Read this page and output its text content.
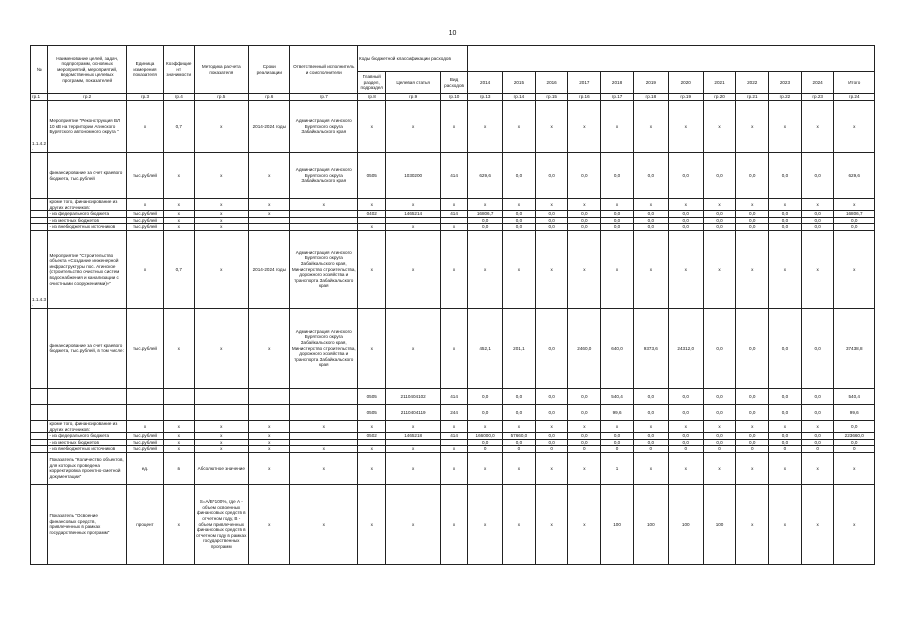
10
№	Наименование целей, задач, подпрограмм, основных мероприятий, мероприятий, ведомственных целевых программ, показателей	Единица измерения показателя	Коэффициент значимости	Методика расчета показателя	Сроки реализации	Ответственный исполнитель и соисполнители	Коды бюджетной классификации расходов														
							Главный раздел, подраздел	Целевая статья	Вид расходов	2014	2015	2016	2017	2018	2019	2020	2021	2022	2023	2024	Итого
гр.1	гр.2	гр.3	гр.4	гр.5	гр.6	гр.7	гр.8	гр.9	гр.10	гр.13	гр.14	гр.15	гр.16	гр.17	гр.18	гр.19	гр.20	гр.21	гр.22	гр.23	гр.24
1.1.4.2.	Мероприятие "Реконструкция ВЛ 10 кВ на территории Агинского Бурятского автономного округа "	х	0,7	х	2014-2024 годы	Администрация Агинского Бурятского округа Забайкальского края	х	х	х	х	х	х	х	х	х	х	х	х	х	х	х
	финансирование за счет краевого бюджета, тыс.рублей	тыс.рублей	х	х	х	Администрация Агинского Бурятского округа Забайкальского края	0505	1030200	414	629,6	0,0	0,0	0,0	0,0	0,0	0,0	0,0	0,0	0,0	0,0	629,6
	кроме того, финансирование из других источников:	х	х	х	х	х	х	х	х	х	х	х	х	х	х	х	х	х	х	х	х
	- из федерального бюджета	тыс.рублей	х	х	х		0402	1465214	414	16806,7	0,0	0,0	0,0	0,0	0,0	0,0	0,0	0,0	0,0	0,0	16806,7
	- из местных бюджетов	тыс.рублей	х	х						0,0	0,0	0,0	0,0	0,0	0,0	0,0	0,0	0,0	0,0	0,0	0,0
	- из внебюджетных источников	тыс.рублей	х	х			х	х	х	0,0	0,0	0,0	0,0	0,0	0,0	0,0	0,0	0,0	0,0	0,0	0,0
1.1.4.3.	Мероприятие "Строительство объекта «Создание инженерной инфраструктуры пос. Агинское (строительство очистных систем водоснабжения и канализации с очистными сооружениями)»"	х	0,7	х	2014-2024 годы	Администрация Агинского Бурятского округа Забайкальского края, Министерство строительства, дорожного хозяйства и транспорта Забайкальского края	х	х	х	х	х	х	х	х	х	х	х	х	х	х	х
	финансирование за счет краевого бюджета, тыс.рублей, в том числе:	тыс.рублей	х	х	х	Администрация Агинского Бурятского округа Забайкальского края, Министерство строительства, дорожного хозяйства и транспорта Забайкальского края	х	х	х	452,1	201,1	0,0	2460,0	640,0	9373,6	24312,0	0,0	0,0	0,0	0,0	37438,8
							0505	2110404102	414	0,0	0,0	0,0	0,0	540,4	0,0	0,0	0,0	0,0	0,0	0,0	540,4
							0505	2110404119	244	0,0	0,0	0,0	0,0	99,6	0,0	0,0	0,0	0,0	0,0	0,0	99,6
	кроме того, финансирование из других источников:	х	х	х	х	х	х	х	х	х	х	х	х	х	х	х	х	х	х	х	0,0
	- из федерального бюджета	тыс.рублей	х	х	х		0502	1465218	414	166000,0	57660,0	0,0	0,0	0,0	0,0	0,0	0,0	0,0	0,0	0,0	223660,0
	- из местных бюджетов	тыс.рублей	х	х	х					0,0	0,0	0,0	0,0	0,0	0,0	0,0	0,0	0,0	0,0	0,0	0,0
	- из внебюджетных источников	тыс.рублей	х	х	х	х	х	х	х	0	0	0	0	0	0	0	0	0	0	0	0
	Показатель "Количество объектов, для которых проведена корректировка проектно-сметной документации"	ед.	в	Абсолютное значение	х	х	х	х	х	х	х	х	х	1	х	х	х	х	х	х	х
	Показатель "Освоение финансовых средств, привлеченных в рамках государственных программ"	процент	х	S=А/В*100%, где А - объем освоенных финансовых средств в отчетном году, В - объем привлеченных финансовых средств в отчетном году в рамках государственных программ	х	х	х	х	х	х	х	х	х	100	100	100	100	х	х	х	х
